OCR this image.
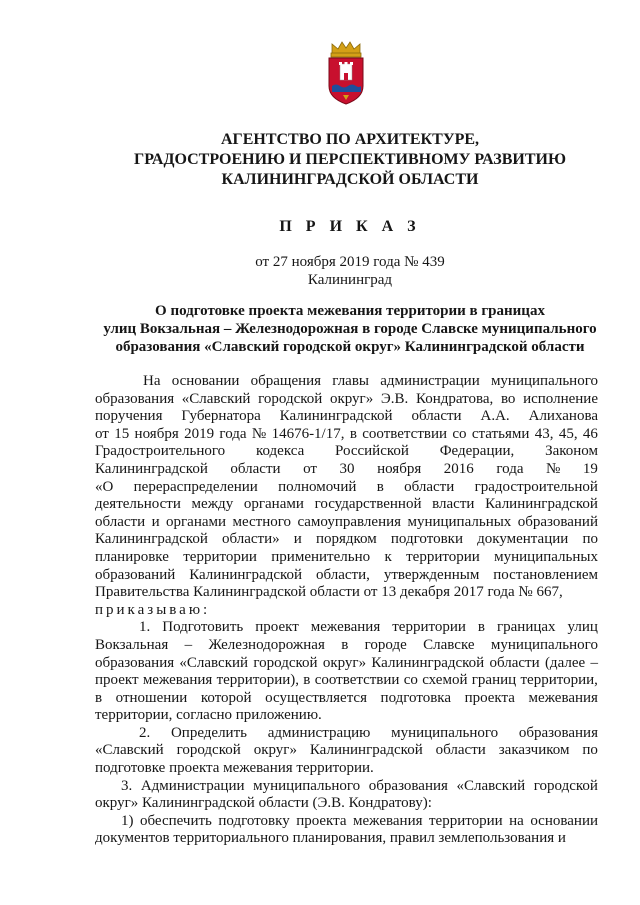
АГЕНТСТВО ПО АРХИТЕКТУРЕ,
ГРАДОСТРОЕНИЮ И ПЕРСПЕКТИВНОМУ РАЗВИТИЮ
КАЛИНИНГРАДСКОЙ ОБЛАСТИ
П Р И К А З
от 27 ноября 2019 года № 439
Калининград
О подготовке проекта межевания территории в границах
улиц Вокзальная – Железнодорожная в городе Славске муниципального
образования «Славский городской округ» Калининградской области
На основании обращения главы администрации муниципального
образования «Славский городской округ» Э.В. Кондратова, во исполнение
поручения Губернатора Калининградской области А.А. Алиханова
от 15 ноября 2019 года № 14676-1/17, в соответствии со статьями 43, 45, 46
Градостроительного кодекса Российской Федерации, Законом
Калининградской области от 30 ноября 2016 года № 19
«О перераспределении полномочий в области градостроительной
деятельности между органами государственной власти Калининградской
области и органами местного самоуправления муниципальных образований
Калининградской области» и порядком подготовки документации по
планировке территории применительно к территории муниципальных
образований Калининградской области, утвержденным постановлением
Правительства Калининградской области от 13 декабря 2017 года № 667,
приказываю:
1. Подготовить проект межевания территории в границах улиц
Вокзальная – Железнодорожная в городе Славске муниципального
образования «Славский городской округ» Калининградской области (далее –
проект межевания территории), в соответствии со схемой границ территории,
в отношении которой осуществляется подготовка проекта межевания
территории, согласно приложению.
2. Определить администрацию муниципального образования
«Славский городской округ» Калининградской области заказчиком по
подготовке проекта межевания территории.
3. Администрации муниципального образования «Славский городской
округ» Калининградской области (Э.В. Кондратову):
1) обеспечить подготовку проекта межевания территории на основании
документов территориального планирования, правил землепользования и
